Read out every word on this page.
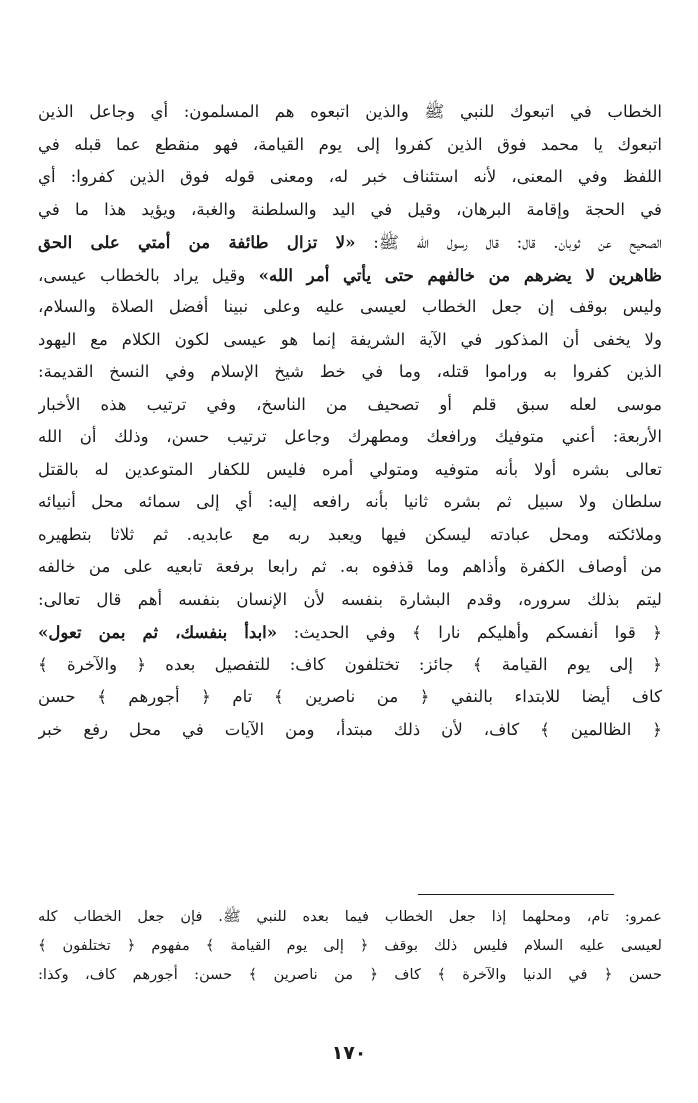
الخطاب في اتبعوك للنبي ﷺ والذين اتبعوه هم المسلمون: أي وجاعل الذين
اتبعوك يا محمد فوق الذين كفروا إلى يوم القيامة، فهو منقطع عما قبله في
اللفظ وفي المعنى، لأنه استئناف خبر له، ومعنى قوله فوق الذين كفروا: أي
في الحجة وإقامة البرهان، وقيل في اليد والسلطنة والغبة، ويؤيد هذا ما في
الصحيح عن ثوبان. قال: قال رسول الله ﷺ: «لا تزال طائفة من أمتي على الحق
ظاهرين لا يضرهم من خالفهم حتى يأتي أمر الله» وقيل يراد بالخطاب عيسى،
وليس بوقف إن جعل الخطاب لعيسى عليه وعلى نبينا أفضل الصلاة والسلام،
ولا يخفى أن المذكور في الآية الشريفة إنما هو عيسى لكون الكلام مع اليهود
الذين كفروا به وراموا قتله، وما في خط شيخ الإسلام وفي النسخ القديمة:
موسى لعله سبق قلم أو تصحيف من الناسخ، وفي ترتيب هذه الأخبار
الأربعة: أعني متوفيك ورافعك ومطهرك وجاعل ترتيب حسن، وذلك أن الله
تعالى بشره أولا بأنه متوفيه ومتولي أمره فليس للكفار المتوعدين له بالقتل
سلطان ولا سبيل ثم بشره ثانيا بأنه رافعه إليه: أي إلى سمائه محل أنبيائه
وملائكته ومحل عبادته ليسكن فيها ويعبد ربه مع عابديه. ثم ثلاثا بتطهيره
من أوصاف الكفرة وأذاهم وما قذفوه به. ثم رابعا برفعة تابعيه على من خالفه
ليتم بذلك سروره، وقدم البشارة بنفسه لأن الإنسان بنفسه أهم قال تعالى:
﴿ قوا أنفسكم وأهليكم نارا ﴾ وفي الحديث: «ابدأ بنفسك، ثم بمن تعول»
﴿ إلى يوم القيامة ﴾ جائز: تختلفون كاف: للتفصيل بعده ﴿ والآخرة ﴾
كاف أيضا للابتداء بالنفي ﴿ من ناصرين ﴾ تام ﴿ أجورهم ﴾ حسن
﴿ الظالمين ﴾ كاف، لأن ذلك مبتدأ، ومن الآيات في محل رفع خبر
عمرو: تام، ومحلهما إذا جعل الخطاب فيما بعده للنبي ﷺ. فإن جعل الخطاب كله
لعيسى عليه السلام فليس ذلك بوقف ﴿ إلى يوم القيامة ﴾ مفهوم ﴿ تختلفون ﴾
حسن ﴿ في الدنيا والآخرة ﴾ كاف ﴿ من ناصرين ﴾ حسن: أجورهم كاف، وكذا:
١٧٠
